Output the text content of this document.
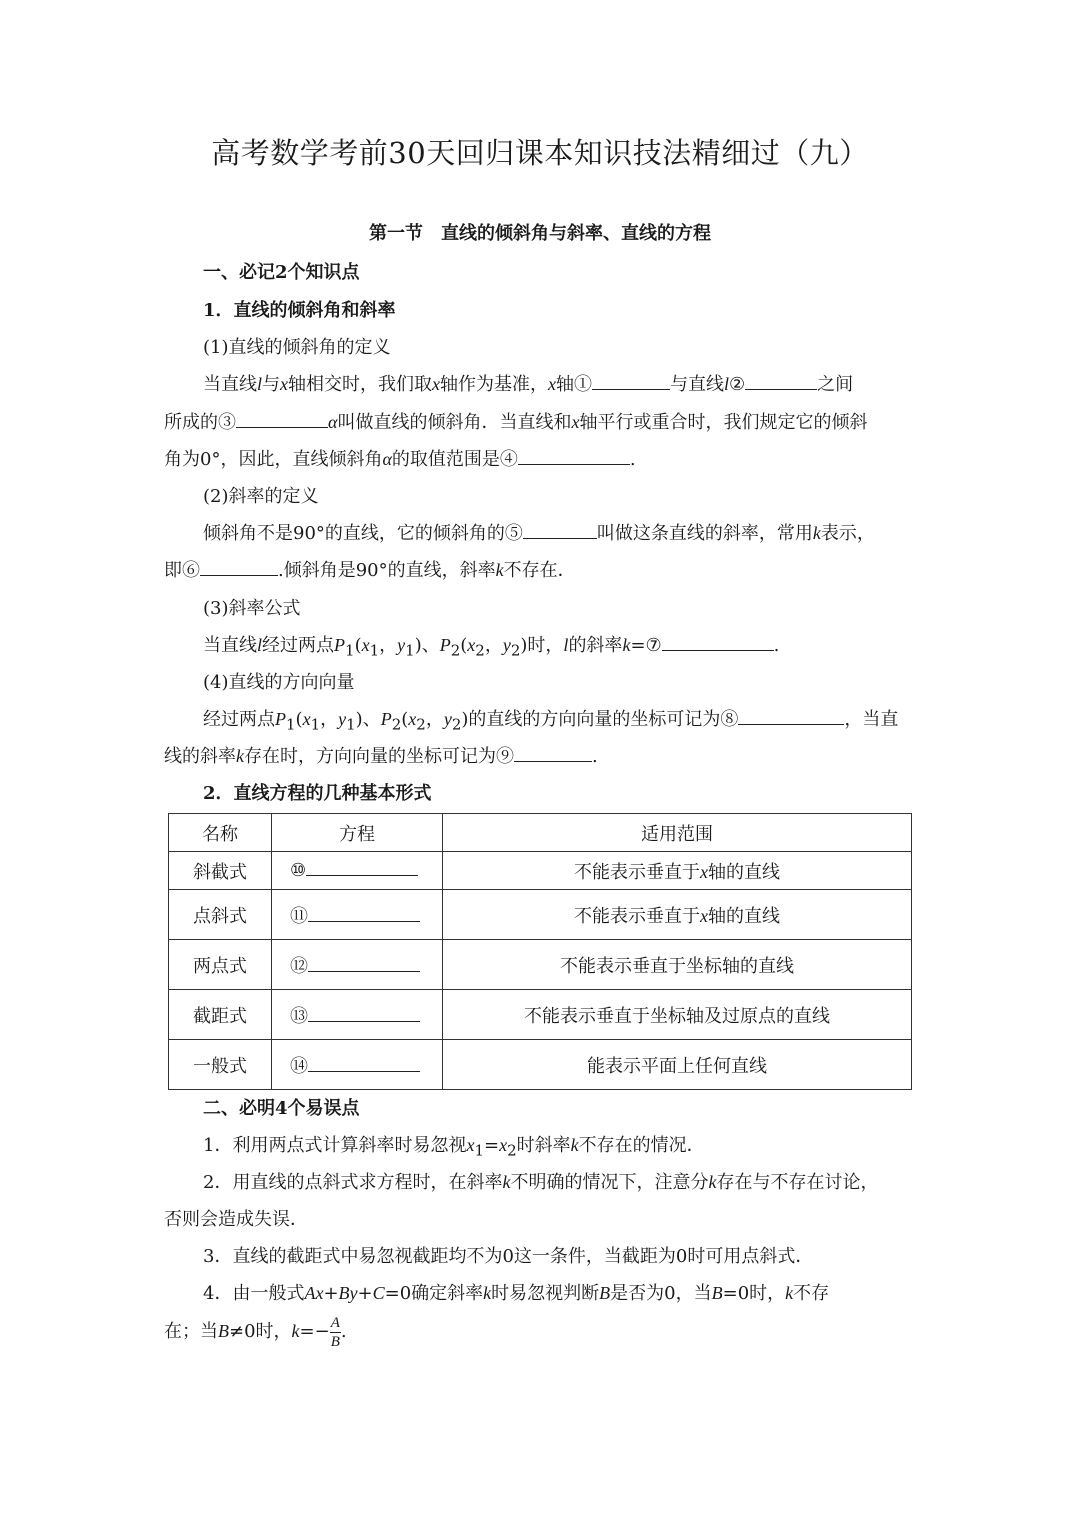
高考数学考前30天回归课本知识技法精细过（九）
第一节　直线的倾斜角与斜率、直线的方程
一、必记2个知识点
1．直线的倾斜角和斜率
(1)直线的倾斜角的定义
当直线l与x轴相交时，我们取x轴作为基准，x轴①	与直线l②	之间
所成的③	α叫做直线的倾斜角．当直线和x轴平行或重合时，我们规定它的倾斜
角为0°，因此，直线倾斜角α的取值范围是④	.
(2)斜率的定义
倾斜角不是90°的直线，它的倾斜角的⑤	叫做这条直线的斜率，常用k表示，
即⑥	.倾斜角是90°的直线，斜率k不存在．
(3)斜率公式
当直线l经过两点$P_1(x_1$，$y_1$)、$P_2(x_2$，$y_2$)时，l的斜率k=⑦	.
(4)直线的方向向量
经过两点$P_1(x_1$，$y_1$)、$P_2(x_2$，$y_2$)的直线的方向向量的坐标可记为⑧	，当直
线的斜率k存在时，方向向量的坐标可记为⑨	.
2．直线方程的几种基本形式
名称	方程	适用范围
斜截式	⑩	不能表示垂直于x轴的直线
点斜式	⑪	不能表示垂直于x轴的直线
两点式	⑫	不能表示垂直于坐标轴的直线
截距式	⑬	不能表示垂直于坐标轴及过原点的直线
一般式	⑭	能表示平面上任何直线
二、必明4个易误点
1．利用两点式计算斜率时易忽视$x_1=x_2$时斜率k不存在的情况．
2．用直线的点斜式求方程时，在斜率k不明确的情况下，注意分k存在与不存在讨论，
否则会造成失误．
3．直线的截距式中易忽视截距均不为0这一条件，当截距为0时可用点斜式．
4．由一般式Ax+By+C=0确定斜率k时易忽视判断B是否为0，当B=0时，k不存
在；当B≠0时，$k=- \frac{A}{B}$ .
